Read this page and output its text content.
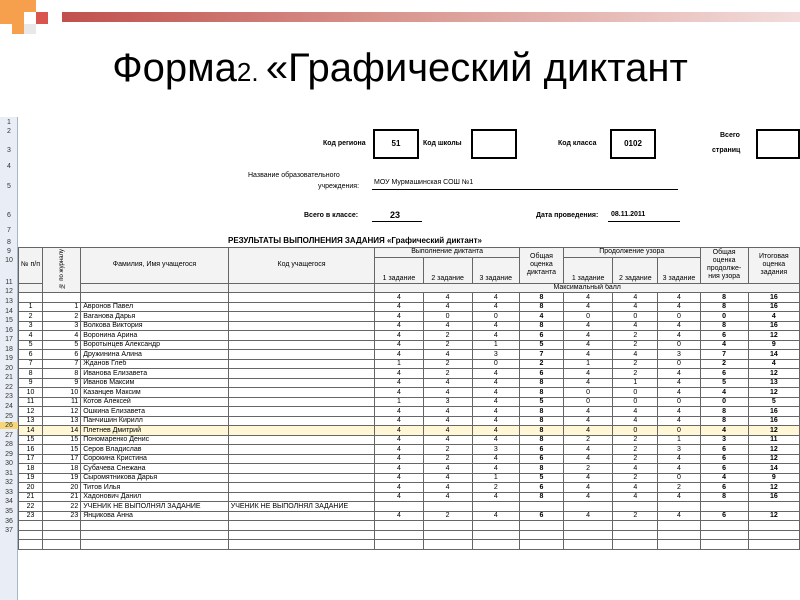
Форма2. «Графический диктант
1
2
3
4
5
6
7
8
9
10
11
12
13
14
15
16
17
18
19
20
21
22
23
24
25
26
27
28
29
30
31
32
33
34
35
36
37
Код региона	51	Код школы	Код класса	0102
Всего
страниц
Название образовательного
учреждения:
МОУ Мурмашинская СОШ №1
Всего в классе:	23	Дата проведения: 08.11.2011
РЕЗУЛЬТАТЫ ВЫПОЛНЕНИЯ ЗАДАНИЯ «Графический диктант»
№ п/п	№ по журналу	Фамилия, Имя учащегося	Код учащегося	Выполнение диктанта			Общая оценка диктанта	Продолжение узора			Общая оценка продолже-ния узора	Итоговая оценка задания
				1 задание	2 задание	3 задание		1 задание	2 задание	3 задание		
				Максимальный балл								
				4	4	4	8	4	4	4	8	16
1	1	Авронов Павел		4	4	4	8	4	4	4	8	16
2	2	Ваганова Дарья		4	0	0	4	0	0	0	0	4
3	3	Волкова Виктория		4	4	4	8	4	4	4	8	16
4	4	Воронина Арина		4	2	4	6	4	2	4	6	12
5	5	Воротынцев Александр		4	2	1	5	4	2	0	4	9
6	6	Дружинина Алина		4	4	3	7	4	4	3	7	14
7	7	Жданов Глеб		1	2	0	2	1	2	0	2	4
8	8	Иванова Елизавета		4	2	4	6	4	2	4	6	12
9	9	Иванов Максим		4	4	4	8	4	1	4	5	13
10	10	Казанцев Максим		4	4	4	8	0	0	4	4	12
11	11	Котов Алексей		1	3	4	5	0	0	0	0	5
12	12	Ошкина Елизавета		4	4	4	8	4	4	4	8	16
13	13	Панчишин Кирилл		4	4	4	8	4	4	4	8	16
14	14	Плетнев Дмитрий		4	4	4	8	4	0	0	4	12
15	15	Пономаренко Денис		4	4	4	8	2	2	1	3	11
16	15	Серов Владислав		4	2	3	6	4	2	3	6	12
17	17	Сорокина Кристина		4	2	4	6	4	2	4	6	12
18	18	Субачева Снежана		4	4	4	8	2	4	4	6	14
19	19	Сыромятникова Дарья		4	4	1	5	4	2	0	4	9
20	20	Титов Илья		4	4	2	6	4	4	2	6	12
21	21	Хадонович Данил		4	4	4	8	4	4	4	8	16
22	22	УЧЕНИК НЕ ВЫПОЛНЯЛ ЗАДАНИЕ	УЧЕНИК НЕ ВЫПОЛНЯЛ ЗАДАНИЕ									
23	23	Янцикова Анна		4	2	4	6	4	2	4	6	12
